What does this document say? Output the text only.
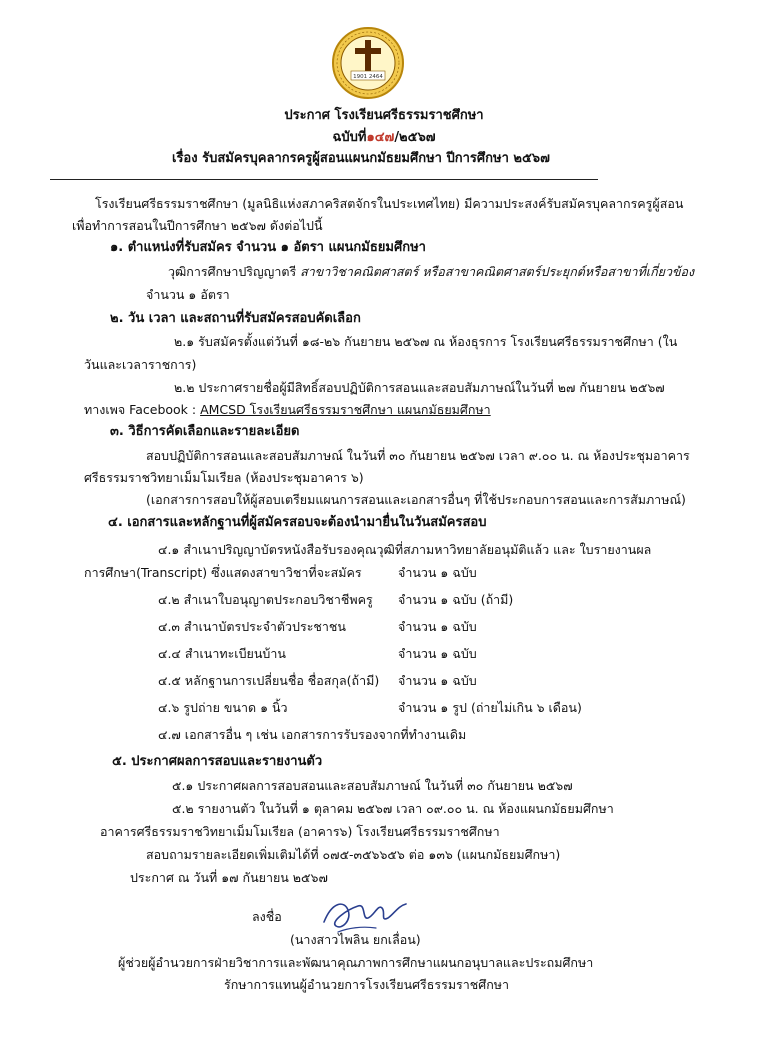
1901 2464
ประกาศ โรงเรียนศรีธรรมราชศึกษา
ฉบับที่๑๔๗/๒๕๖๗
เรื่อง รับสมัครบุคลากรครูผู้สอนแผนกมัธยมศึกษา ปีการศึกษา ๒๕๖๗
โรงเรียนศรีธรรมราชศึกษา (มูลนิธิแห่งสภาคริสตจักรในประเทศไทย) มีความประสงค์รับสมัครบุคลากรครูผู้สอน
เพื่อทำการสอนในปีการศึกษา ๒๕๖๗ ดังต่อไปนี้
๑. ตำแหน่งที่รับสมัคร จำนวน ๑ อัตรา แผนกมัธยมศึกษา
วุฒิการศึกษาปริญญาตรี สาขาวิชาคณิตศาสตร์ หรือสาขาคณิตศาสตร์ประยุกต์หรือสาขาที่เกี่ยวข้อง
จำนวน ๑ อัตรา
๒. วัน เวลา และสถานที่รับสมัครสอบคัดเลือก
๒.๑ รับสมัครตั้งแต่วันที่ ๑๘-๒๖ กันยายน ๒๕๖๗ ณ ห้องธุรการ โรงเรียนศรีธรรมราชศึกษา (ใน
วันและเวลาราชการ)
๒.๒ ประกาศรายชื่อผู้มีสิทธิ์สอบปฏิบัติการสอนและสอบสัมภาษณ์ในวันที่ ๒๗ กันยายน ๒๕๖๗
ทางเพจ Facebook : AMCSD โรงเรียนศรีธรรมราชศึกษา แผนกมัธยมศึกษา
๓. วิธีการคัดเลือกและรายละเอียด
สอบปฏิบัติการสอนและสอบสัมภาษณ์ ในวันที่ ๓๐ กันยายน ๒๕๖๗ เวลา ๙.๐๐ น. ณ ห้องประชุมอาคาร
ศรีธรรมราชวิทยาเม็มโมเรียล (ห้องประชุมอาคาร ๖)
(เอกสารการสอบให้ผู้สอบเตรียมแผนการสอนและเอกสารอื่นๆ ที่ใช้ประกอบการสอนและการสัมภาษณ์)
๔. เอกสารและหลักฐานที่ผู้สมัครสอบจะต้องนำมายื่นในวันสมัครสอบ
๔.๑ สำเนาปริญญาบัตรหนังสือรับรองคุณวุฒิที่สภามหาวิทยาลัยอนุมัติแล้ว และ ใบรายงานผล
การศึกษา(Transcript) ซึ่งแสดงสาขาวิชาที่จะสมัคร	จำนวน ๑ ฉบับ
๔.๒ สำเนาใบอนุญาตประกอบวิชาชีพครู จำนวน ๑ ฉบับ (ถ้ามี)
๔.๓ สำเนาบัตรประจำตัวประชาชน	จำนวน ๑ ฉบับ
๔.๔ สำเนาทะเบียนบ้าน	จำนวน ๑ ฉบับ
๔.๕ หลักฐานการเปลี่ยนชื่อ ชื่อสกุล(ถ้ามี) จำนวน ๑ ฉบับ
๔.๖ รูปถ่าย ขนาด ๑ นิ้ว	จำนวน ๑ รูป (ถ่ายไม่เกิน ๖ เดือน)
๔.๗ เอกสารอื่น ๆ เช่น เอกสารการรับรองจากที่ทำงานเดิม
๕. ประกาศผลการสอบและรายงานตัว
๕.๑ ประกาศผลการสอบสอนและสอบสัมภาษณ์ ในวันที่ ๓๐ กันยายน ๒๕๖๗
๕.๒ รายงานตัว ในวันที่ ๑ ตุลาคม ๒๕๖๗ เวลา ๐๙.๐๐ น. ณ ห้องแผนกมัธยมศึกษา
อาคารศรีธรรมราชวิทยาเม็มโมเรียล (อาคาร๖) โรงเรียนศรีธรรมราชศึกษา
สอบถามรายละเอียดเพิ่มเติมได้ที่ ๐๗๕-๓๕๖๖๕๖ ต่อ ๑๓๖ (แผนกมัธยมศึกษา)
ประกาศ ณ วันที่ ๑๗ กันยายน ๒๕๖๗
ลงชื่อ
(นางสาวไพลิน ยกเลื่อน)
ผู้ช่วยผู้อำนวยการฝ่ายวิชาการและพัฒนาคุณภาพการศึกษาแผนกอนุบาลและประถมศึกษา
รักษาการแทนผู้อำนวยการโรงเรียนศรีธรรมราชศึกษา
